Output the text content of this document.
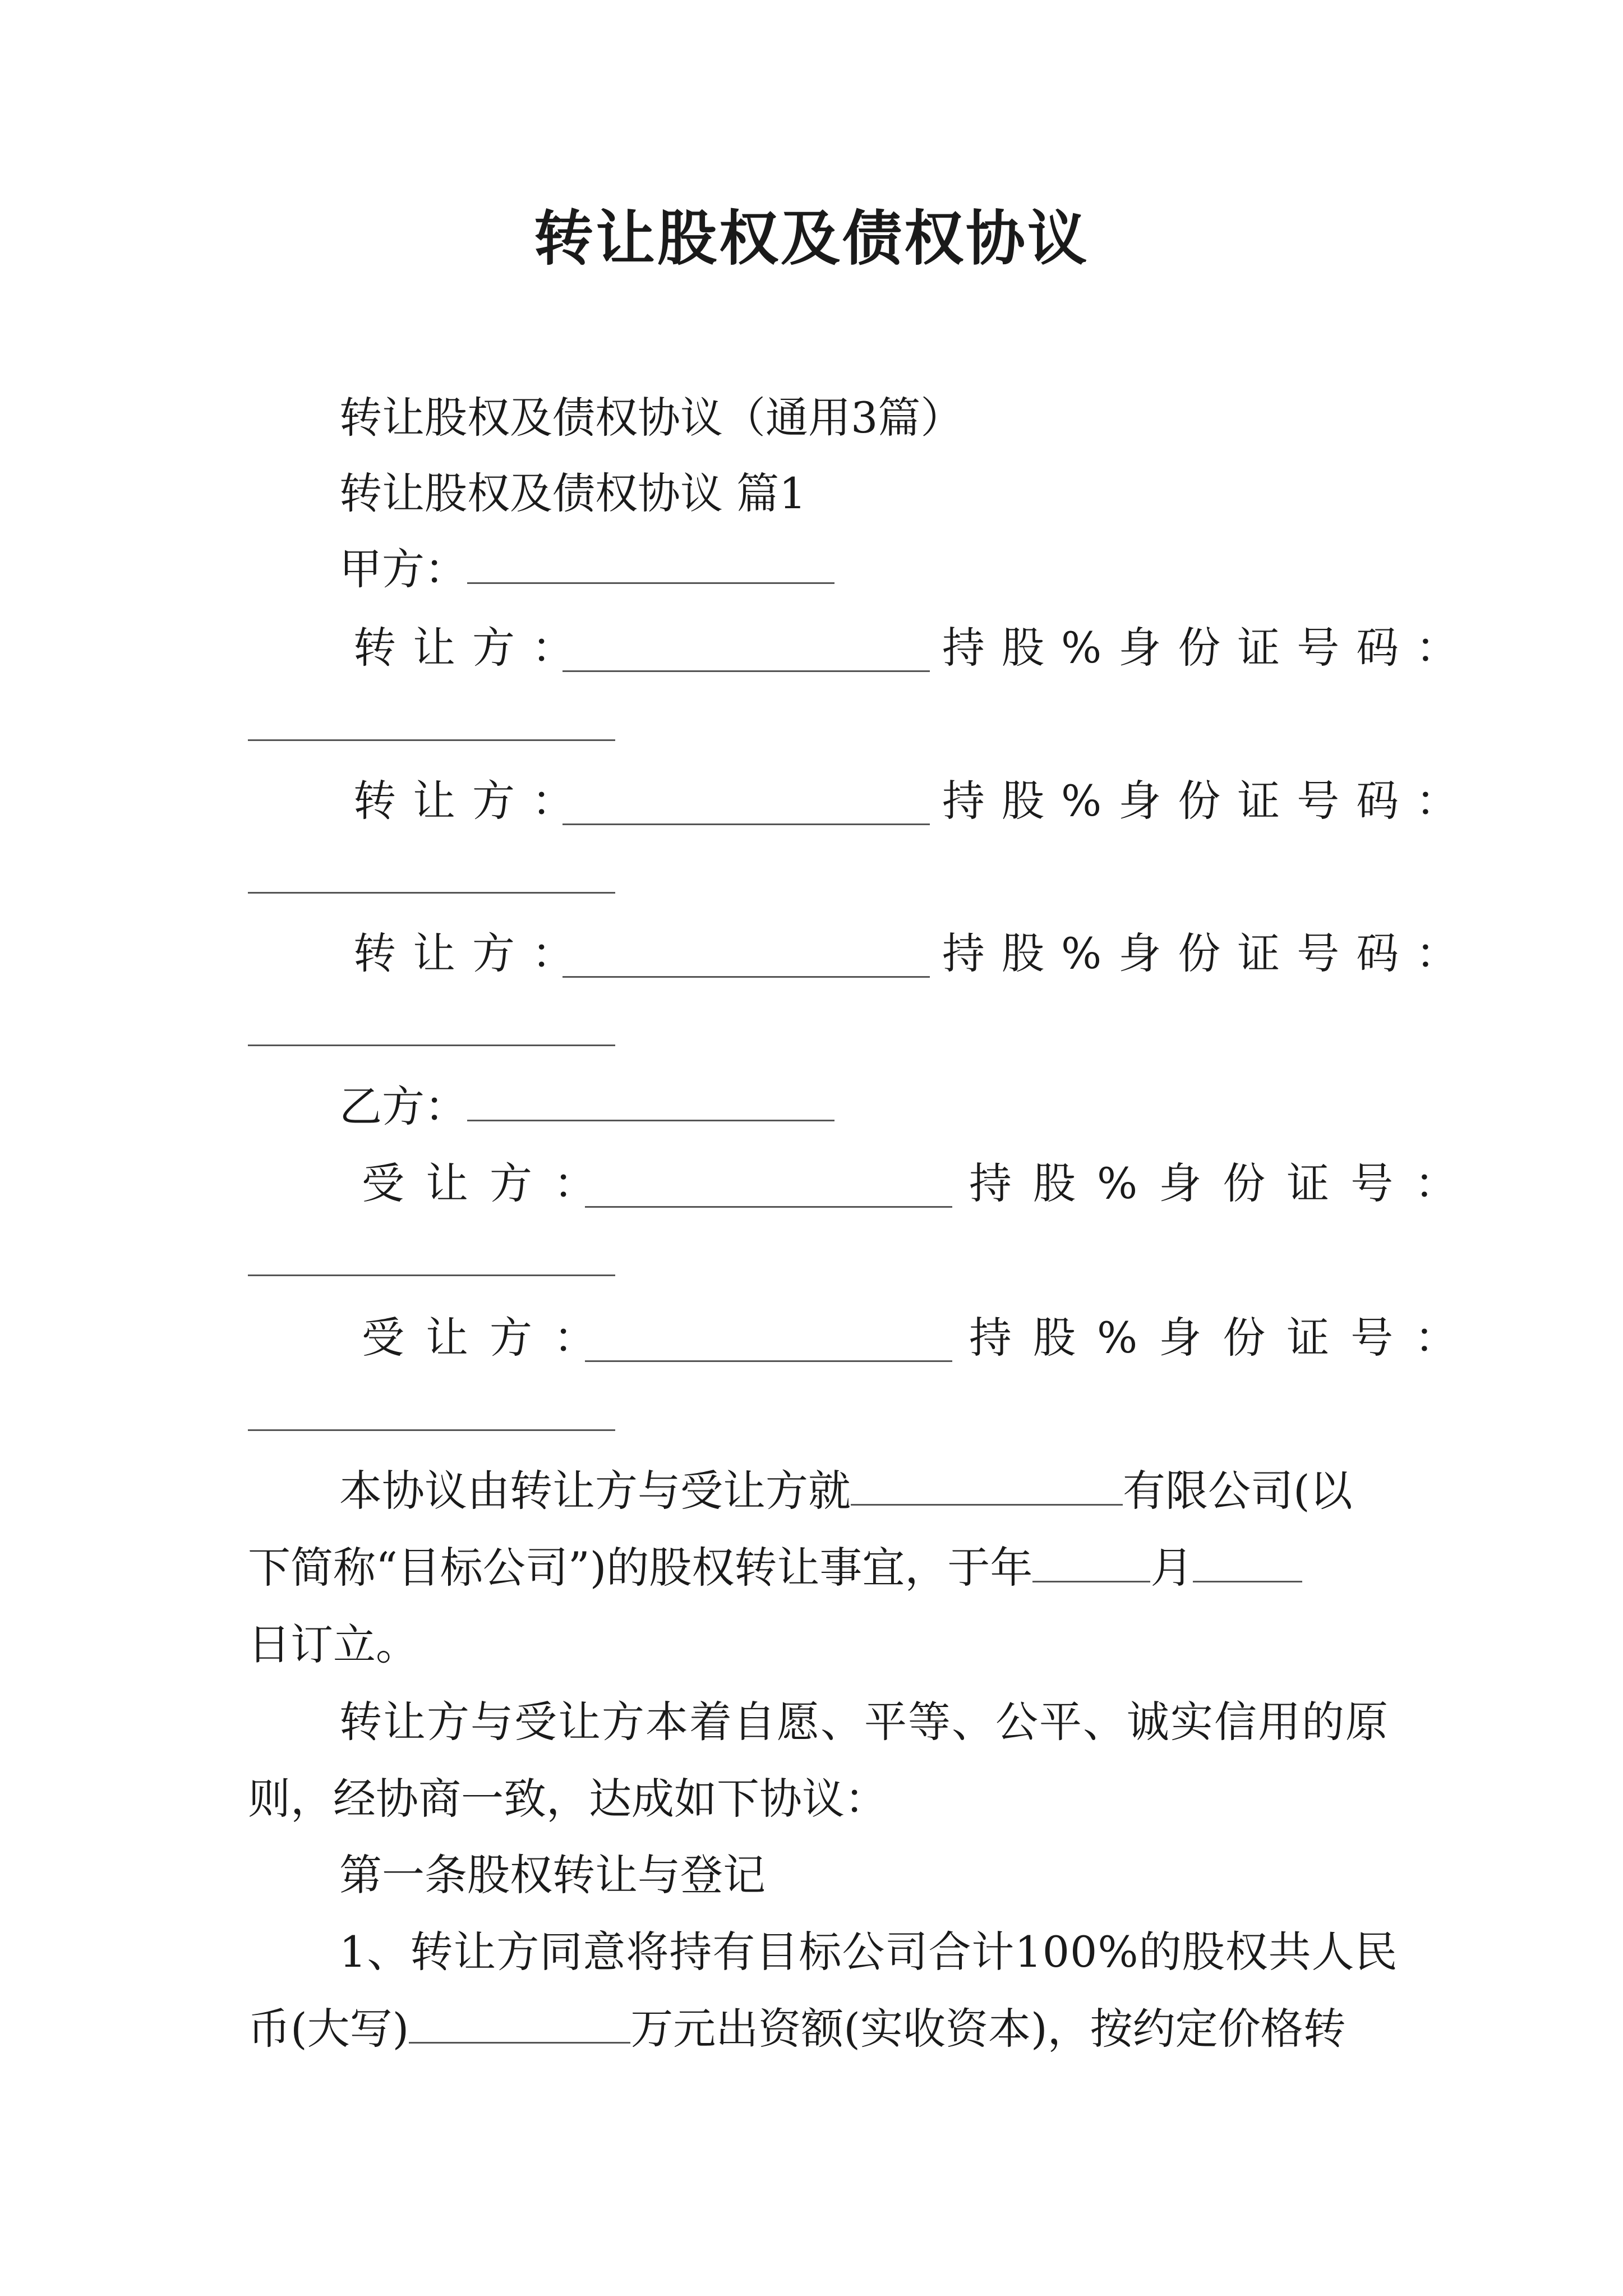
转让股权及债权协议
转让股权及债权协议（通用3篇）
转让股权及债权协议 篇1
甲方：
转让方：	持股%身份证号码：
转让方：	持股%身份证号码：
转让方：	持股%身份证号码：
乙方：
受让方：	持股%身份证号：
受让方：	持股%身份证号：
本协议由转让方与受让方就	有限公司(以
下简称“目标公司”)的股权转让事宜，于年	月
日订立。
转让方与受让方本着自愿、平等、公平、诚实信用的原
则，经协商一致，达成如下协议：
第一条股权转让与登记
1、转让方同意将持有目标公司合计100%的股权共人民
币(大写)	万元出资额(实收资本)，按约定价格转
